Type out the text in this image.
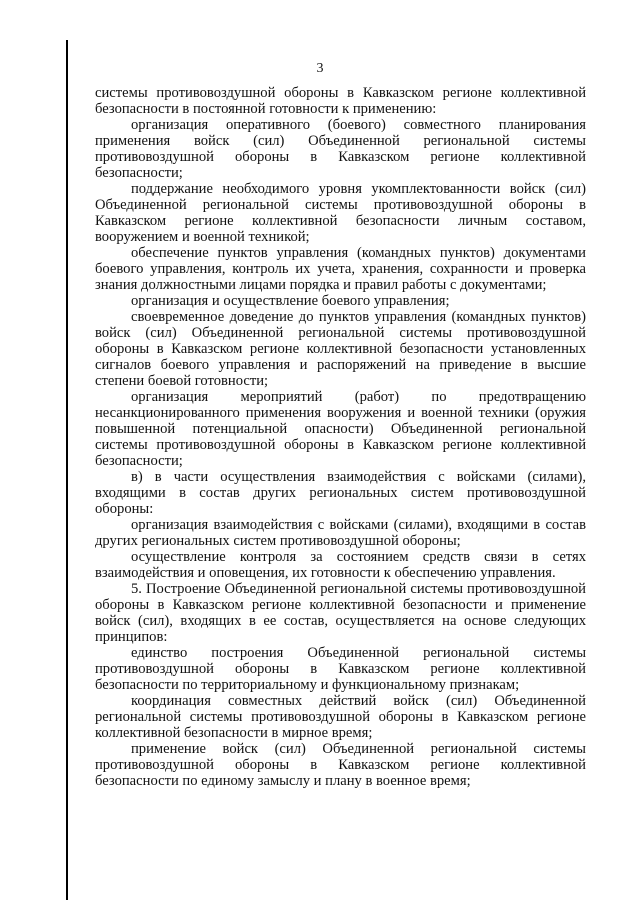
3

системы противовоздушной обороны в Кавказском регионе коллективной безопасности в постоянной готовности к применению:

организация оперативного (боевого) совместного планирования применения войск (сил) Объединенной региональной системы противовоздушной обороны в Кавказском регионе коллективной безопасности;

поддержание необходимого уровня укомплектованности войск (сил) Объединенной региональной системы противовоздушной обороны в Кавказском регионе коллективной безопасности личным составом, вооружением и военной техникой;

обеспечение пунктов управления (командных пунктов) документами боевого управления, контроль их учета, хранения, сохранности и проверка знания должностными лицами порядка и правил работы с документами;

организация и осуществление боевого управления;

своевременное доведение до пунктов управления (командных пунктов) войск (сил) Объединенной региональной системы противовоздушной обороны в Кавказском регионе коллективной безопасности установленных сигналов боевого управления и распоряжений на приведение в высшие степени боевой готовности;

организация мероприятий (работ) по предотвращению несанкционированного применения вооружения и военной техники (оружия повышенной потенциальной опасности) Объединенной региональной системы противовоздушной обороны в Кавказском регионе коллективной безопасности;

в) в части осуществления взаимодействия с войсками (силами), входящими в состав других региональных систем противовоздушной обороны:

организация взаимодействия с войсками (силами), входящими в состав других региональных систем противовоздушной обороны;

осуществление контроля за состоянием средств связи в сетях взаимодействия и оповещения, их готовности к обеспечению управления.

5. Построение Объединенной региональной системы противовоздушной обороны в Кавказском регионе коллективной безопасности и применение войск (сил), входящих в ее состав, осуществляется на основе следующих принципов:

единство построения Объединенной региональной системы противовоздушной обороны в Кавказском регионе коллективной безопасности по территориальному и функциональному признакам;

координация совместных действий войск (сил) Объединенной региональной системы противовоздушной обороны в Кавказском регионе коллективной безопасности в мирное время;

применение войск (сил) Объединенной региональной системы противовоздушной обороны в Кавказском регионе коллективной безопасности по единому замыслу и плану в военное время;
